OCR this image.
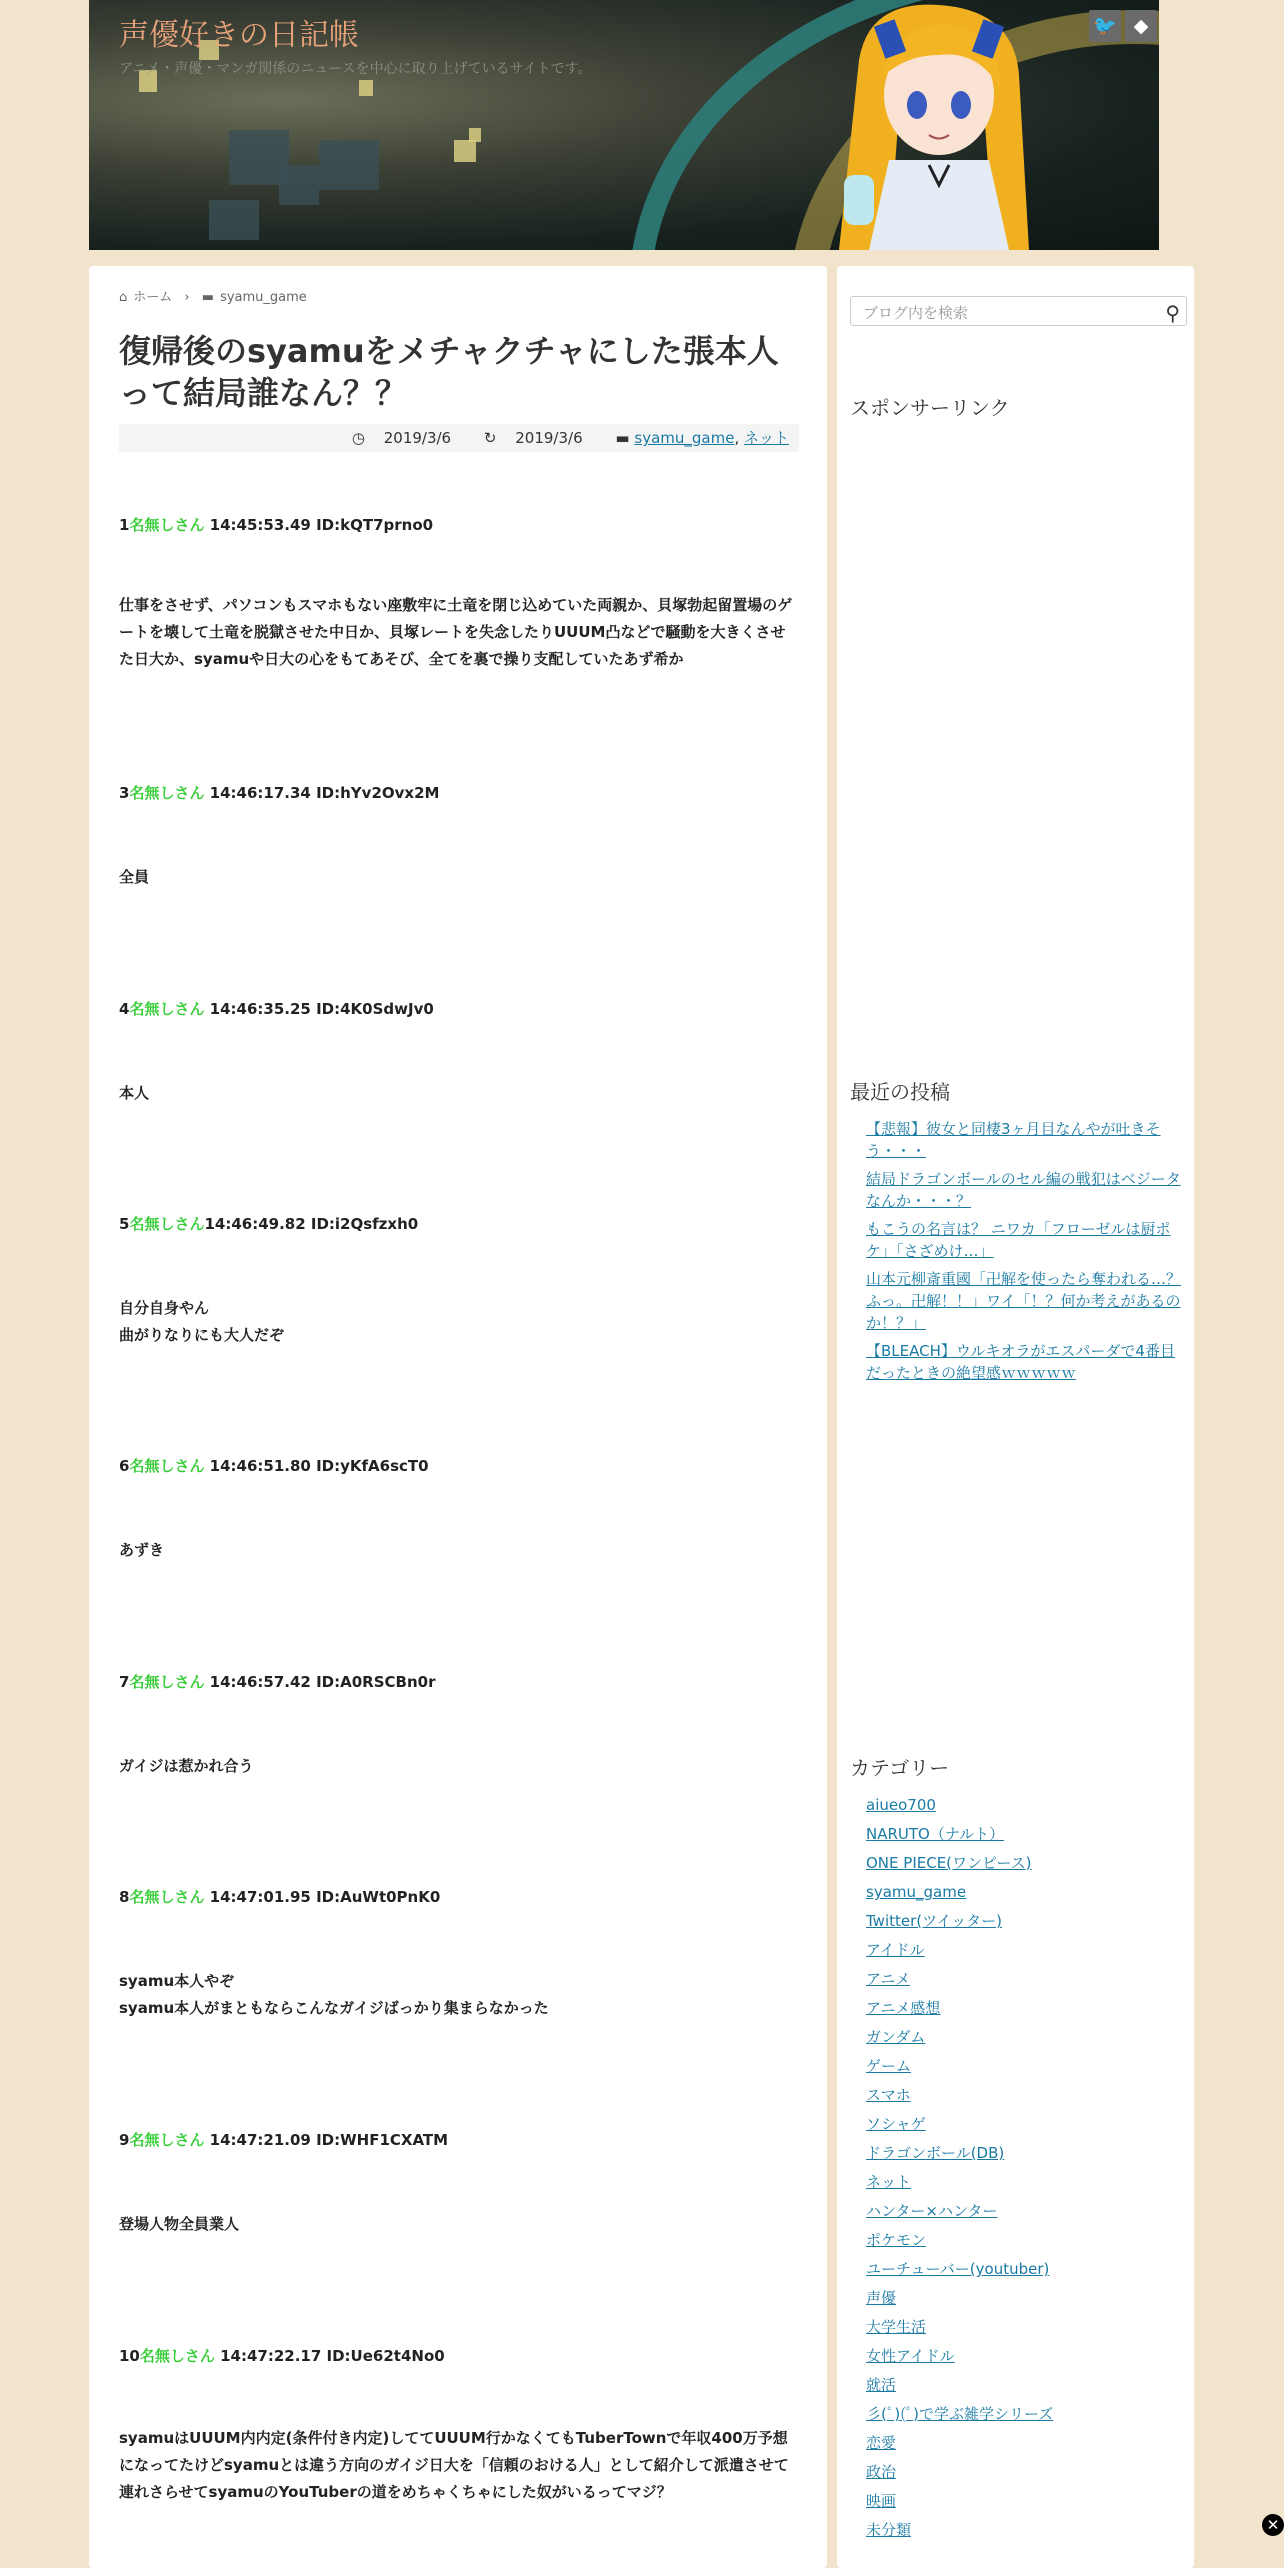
声優好きの日記帳
アニメ・声優・マンガ関係のニュースを中心に取り上げているサイトです。
🐦 ◆
⌂ ホーム › ▬ syamu_game
復帰後のsyamuをメチャクチャにした張本人って結局誰なん？？
◷ 2019/3/6 ↻ 2019/3/6 ▬ syamu_game, ネット
1名無しさん 14:45:53.49 ID:kQT7prno0
仕事をさせず、パソコンもスマホもない座敷牢に土竜を閉じ込めていた両親か、貝塚勃起留置場のゲートを壊して土竜を脱獄させた中日か、貝塚レートを失念したりUUUM凸などで騒動を大きくさせた日大か、syamuや日大の心をもてあそび、全てを裏で操り支配していたあず希か
3名無しさん 14:46:17.34 ID:hYv2Ovx2M
全員
4名無しさん 14:46:35.25 ID:4K0SdwJv0
本人
5名無しさん14:46:49.82 ID:i2Qsfzxh0
自分自身やん
曲がりなりにも大人だぞ
6名無しさん 14:46:51.80 ID:yKfA6scT0
あずき
7名無しさん 14:46:57.42 ID:A0RSCBn0r
ガイジは惹かれ合う
8名無しさん 14:47:01.95 ID:AuWt0PnK0
syamu本人やぞ
syamu本人がまともならこんなガイジばっかり集まらなかった
9名無しさん 14:47:21.09 ID:WHF1CXATM
登場人物全員業人
10名無しさん 14:47:22.17 ID:Ue62t4No0
syamuはUUUM内内定(条件付き内定)しててUUUM行かなくてもTuberTownで年収400万予想になってたけどsyamuとは違う方向のガイジ日大を「信頼のおける人」として紹介して派遣させて連れさらせてsyamuのYouTuberの道をめちゃくちゃにした奴がいるってマジ？
ブログ内を検索	⚲
スポンサーリンク
最近の投稿
【悲報】彼女と同棲3ヶ月目なんやが吐きそう・・・
結局ドラゴンボールのセル編の戦犯はベジータなんか・・・？
もこうの名言は？ ニワカ「フローゼルは厨ポケ」「さざめけ…」
山本元柳斎重國「卍解を使ったら奪われる…？ふっ。卍解！！」ワイ「！？何か考えがあるのか！？」
【BLEACH】ウルキオラがエスパーダで4番目だったときの絶望感ｗｗｗｗｗ
カテゴリー
aiueo700
NARUTO（ナルト）
ONE PIECE(ワンピース)
syamu_game
Twitter(ツイッター)
アイドル
アニメ
アニメ感想
ガンダム
ゲーム
スマホ
ソシャゲ
ドラゴンボール(DB)
ネット
ハンター×ハンター
ポケモン
ユーチューバー(youtuber)
声優
大学生活
女性アイドル
就活
彡(ﾟ)(ﾟ)で学ぶ雑学シリーズ
恋愛
政治
映画
未分類	✕
